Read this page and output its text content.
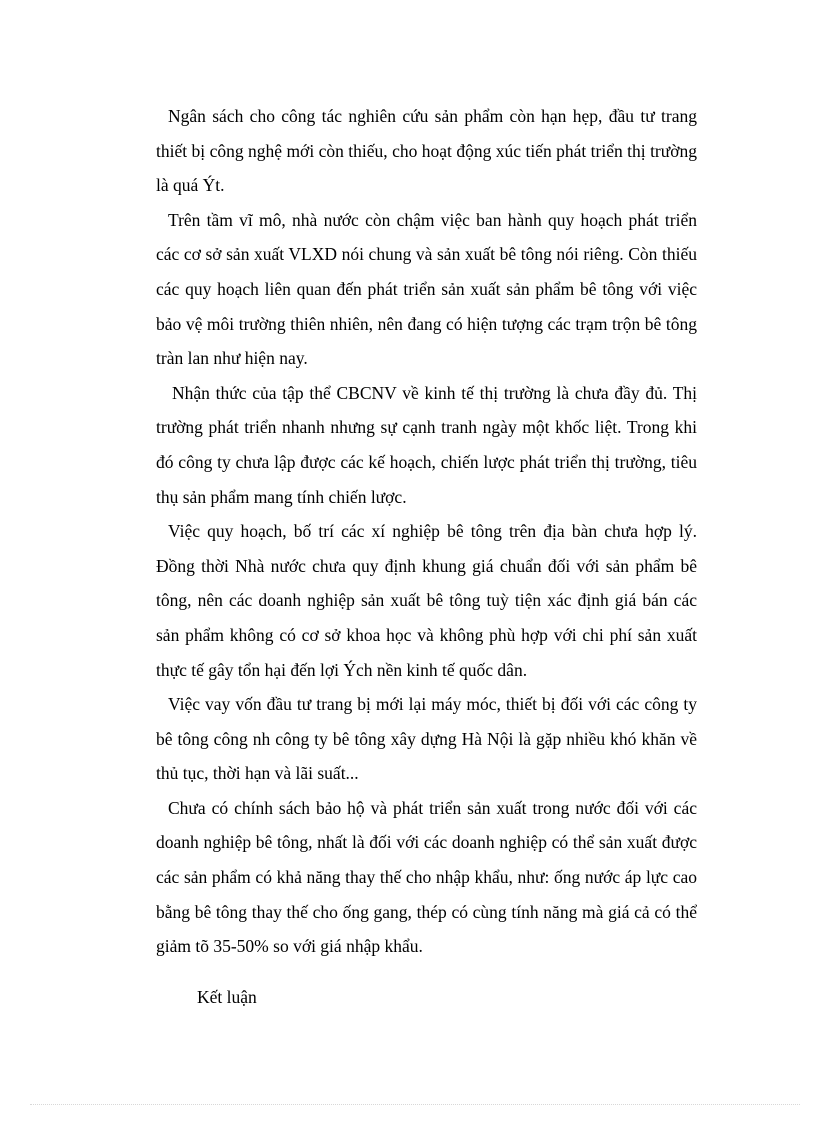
Ngân sách cho công tác nghiên cứu sản phẩm còn hạn hẹp, đầu tư trang thiết bị công nghệ mới còn thiếu, cho hoạt động xúc tiến phát triển thị trường là quá Ýt.

Trên tầm vĩ mô, nhà nước còn chậm việc ban hành quy hoạch phát triển các cơ sở sản xuất VLXD nói chung và sản xuất bê tông nói riêng. Còn thiếu các quy hoạch liên quan đến phát triển sản xuất sản phẩm bê tông với việc bảo vệ môi trường thiên nhiên, nên đang có hiện tượng các trạm trộn bê tông tràn lan như hiện nay.

Nhận thức của tập thể CBCNV về kinh tế thị trường là chưa đầy đủ. Thị trường phát triển nhanh nhưng sự cạnh tranh ngày một khốc liệt. Trong khi đó công ty chưa lập được các kế hoạch, chiến lược phát triển thị trường, tiêu thụ sản phẩm mang tính chiến lược.

Việc quy hoạch, bố trí các xí nghiệp bê tông trên địa bàn chưa hợp lý. Đồng thời Nhà nước chưa quy định khung giá chuẩn đối với sản phẩm bê tông, nên các doanh nghiệp sản xuất bê tông tuỳ tiện xác định giá bán các sản phẩm không có cơ sở khoa học và không phù hợp với chi phí sản xuất thực tế gây tổn hại đến lợi Ých nền kinh tế quốc dân.

Việc vay vốn đầu tư trang bị mới lại máy móc, thiết bị đối với các công ty bê tông công nh công ty bê tông xây dựng Hà Nội là gặp nhiều khó khăn về thủ tục, thời hạn và lãi suất...

Chưa có chính sách bảo hộ và phát triển sản xuất trong nước đối với các doanh nghiệp bê tông, nhất là đối với các doanh nghiệp có thể sản xuất được các sản phẩm có khả năng thay thế cho nhập khẩu, như: ống nước áp lực cao bằng bê tông thay thế cho ống gang, thép có cùng tính năng mà giá cả có thể giảm tõ 35-50% so với giá nhập khẩu.

Kết luận
